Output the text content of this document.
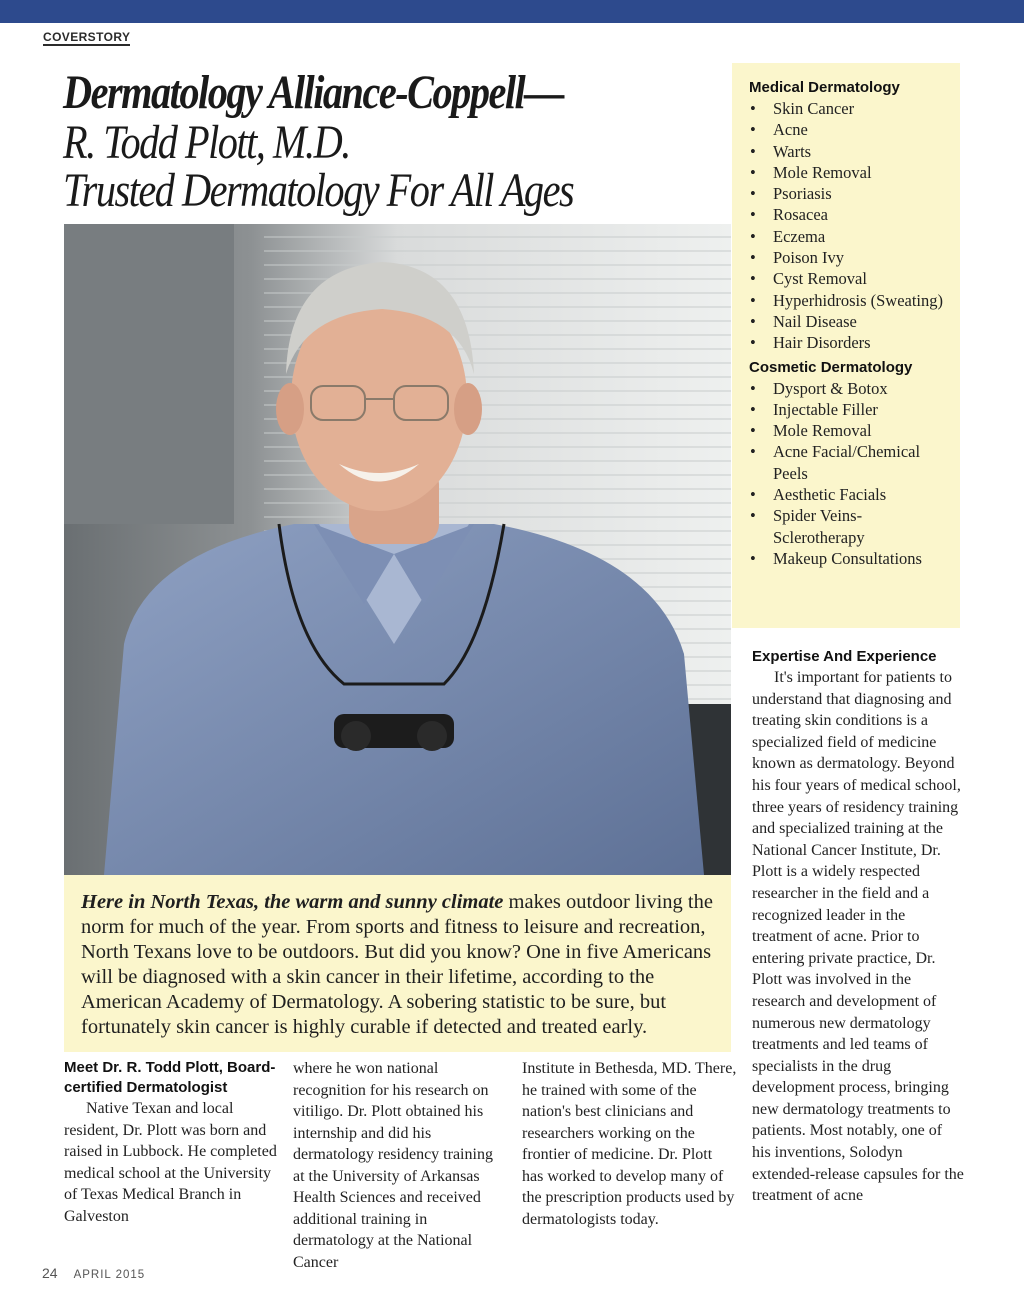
COVERSTORY
Dermatology Alliance-Coppell—
R. Todd Plott, M.D.
Trusted Dermatology For All Ages
Here in North Texas, the warm and sunny climate makes outdoor living the norm for much of the year. From sports and fitness to leisure and recreation, North Texans love to be outdoors. But did you know? One in five Americans will be diagnosed with a skin cancer in their lifetime, according to the American Academy of Dermatology. A sobering statistic to be sure, but fortunately skin cancer is highly curable if detected and treated early.
Meet Dr. R. Todd Plott, Board-certified Dermatologist

Native Texan and local resident, Dr. Plott was born and raised in Lubbock. He completed medical school at the University of Texas Medical Branch in Galveston

where he won national recognition for his research on vitiligo. Dr. Plott obtained his internship and did his dermatology residency training at the University of Arkansas Health Sciences and received additional training in dermatology at the National Cancer

Institute in Bethesda, MD. There, he trained with some of the nation's best clinicians and researchers working on the frontier of medicine. Dr. Plott has worked to develop many of the prescription products used by dermatologists today.

Medical Dermatology
• Skin Cancer
• Acne
• Warts
• Mole Removal
• Psoriasis
• Rosacea
• Eczema
• Poison Ivy
• Cyst Removal
• Hyperhidrosis (Sweating)
• Nail Disease
• Hair Disorders
Cosmetic Dermatology
• Dysport & Botox
• Injectable Filler
• Mole Removal
• Acne Facial/Chemical Peels
• Aesthetic Facials
• Spider Veins-Sclerotherapy
• Makeup Consultations
Expertise And Experience

It's important for patients to understand that diagnosing and treating skin conditions is a specialized field of medicine known as dermatology. Beyond his four years of medical school, three years of residency training and specialized training at the National Cancer Institute, Dr. Plott is a widely respected researcher in the field and a recognized leader in the treatment of acne. Prior to entering private practice, Dr. Plott was involved in the research and development of numerous new dermatology treatments and led teams of specialists in the drug development process, bringing new dermatology treatments to patients. Most notably, one of his inventions, Solodyn extended-release capsules for the treatment of acne

24 APRIL 2015
